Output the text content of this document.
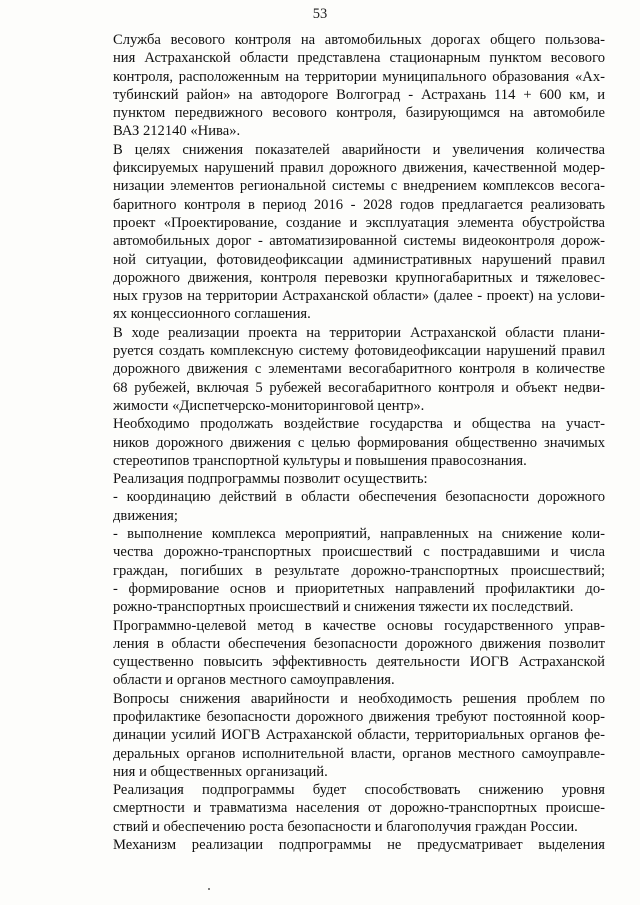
53
Служба весового контроля на автомобильных дорогах общего пользова-
ния Астраханской области представлена стационарным пунктом весового
контроля, расположенным на территории муниципального образования «Ах-
тубинский район» на автодороге Волгоград - Астрахань 114 + 600 км, и
пунктом передвижного весового контроля, базирующимся на автомобиле
ВАЗ 212140 «Нива».
В целях снижения показателей аварийности и увеличения количества
фиксируемых нарушений правил дорожного движения, качественной модер-
низации элементов региональной системы с внедрением комплексов весога-
баритного контроля в период 2016 - 2028 годов предлагается реализовать
проект «Проектирование, создание и эксплуатация элемента обустройства
автомобильных дорог - автоматизированной системы видеоконтроля дорож-
ной ситуации, фотовидеофиксации административных нарушений правил
дорожного движения, контроля перевозки крупногабаритных и тяжеловес-
ных грузов на территории Астраханской области» (далее - проект) на услови-
ях концессионного соглашения.
В ходе реализации проекта на территории Астраханской области плани-
руется создать комплексную систему фотовидеофиксации нарушений правил
дорожного движения с элементами весогабаритного контроля в количестве
68 рубежей, включая 5 рубежей весогабаритного контроля и объект недви-
жимости «Диспетчерско-мониторинговой центр».
Необходимо продолжать воздействие государства и общества на участ-
ников дорожного движения с целью формирования общественно значимых
стереотипов транспортной культуры и повышения правосознания.
Реализация подпрограммы позволит осуществить:
- координацию действий в области обеспечения безопасности дорожного
движения;
- выполнение комплекса мероприятий, направленных на снижение коли-
чества дорожно-транспортных происшествий с пострадавшими и числа
граждан, погибших в результате дорожно-транспортных происшествий;
- формирование основ и приоритетных направлений профилактики до-
рожно-транспортных происшествий и снижения тяжести их последствий.
Программно-целевой метод в качестве основы государственного управ-
ления в области обеспечения безопасности дорожного движения позволит
существенно повысить эффективность деятельности ИОГВ Астраханской
области и органов местного самоуправления.
Вопросы снижения аварийности и необходимость решения проблем по
профилактике безопасности дорожного движения требуют постоянной коор-
динации усилий ИОГВ Астраханской области, территориальных органов фе-
деральных органов исполнительной власти, органов местного самоуправле-
ния и общественных организаций.
Реализация подпрограммы будет способствовать снижению уровня
смертности и травматизма населения от дорожно-транспортных происше-
ствий и обеспечению роста безопасности и благополучия граждан России.
Механизм реализации подпрограммы не предусматривает выделения
